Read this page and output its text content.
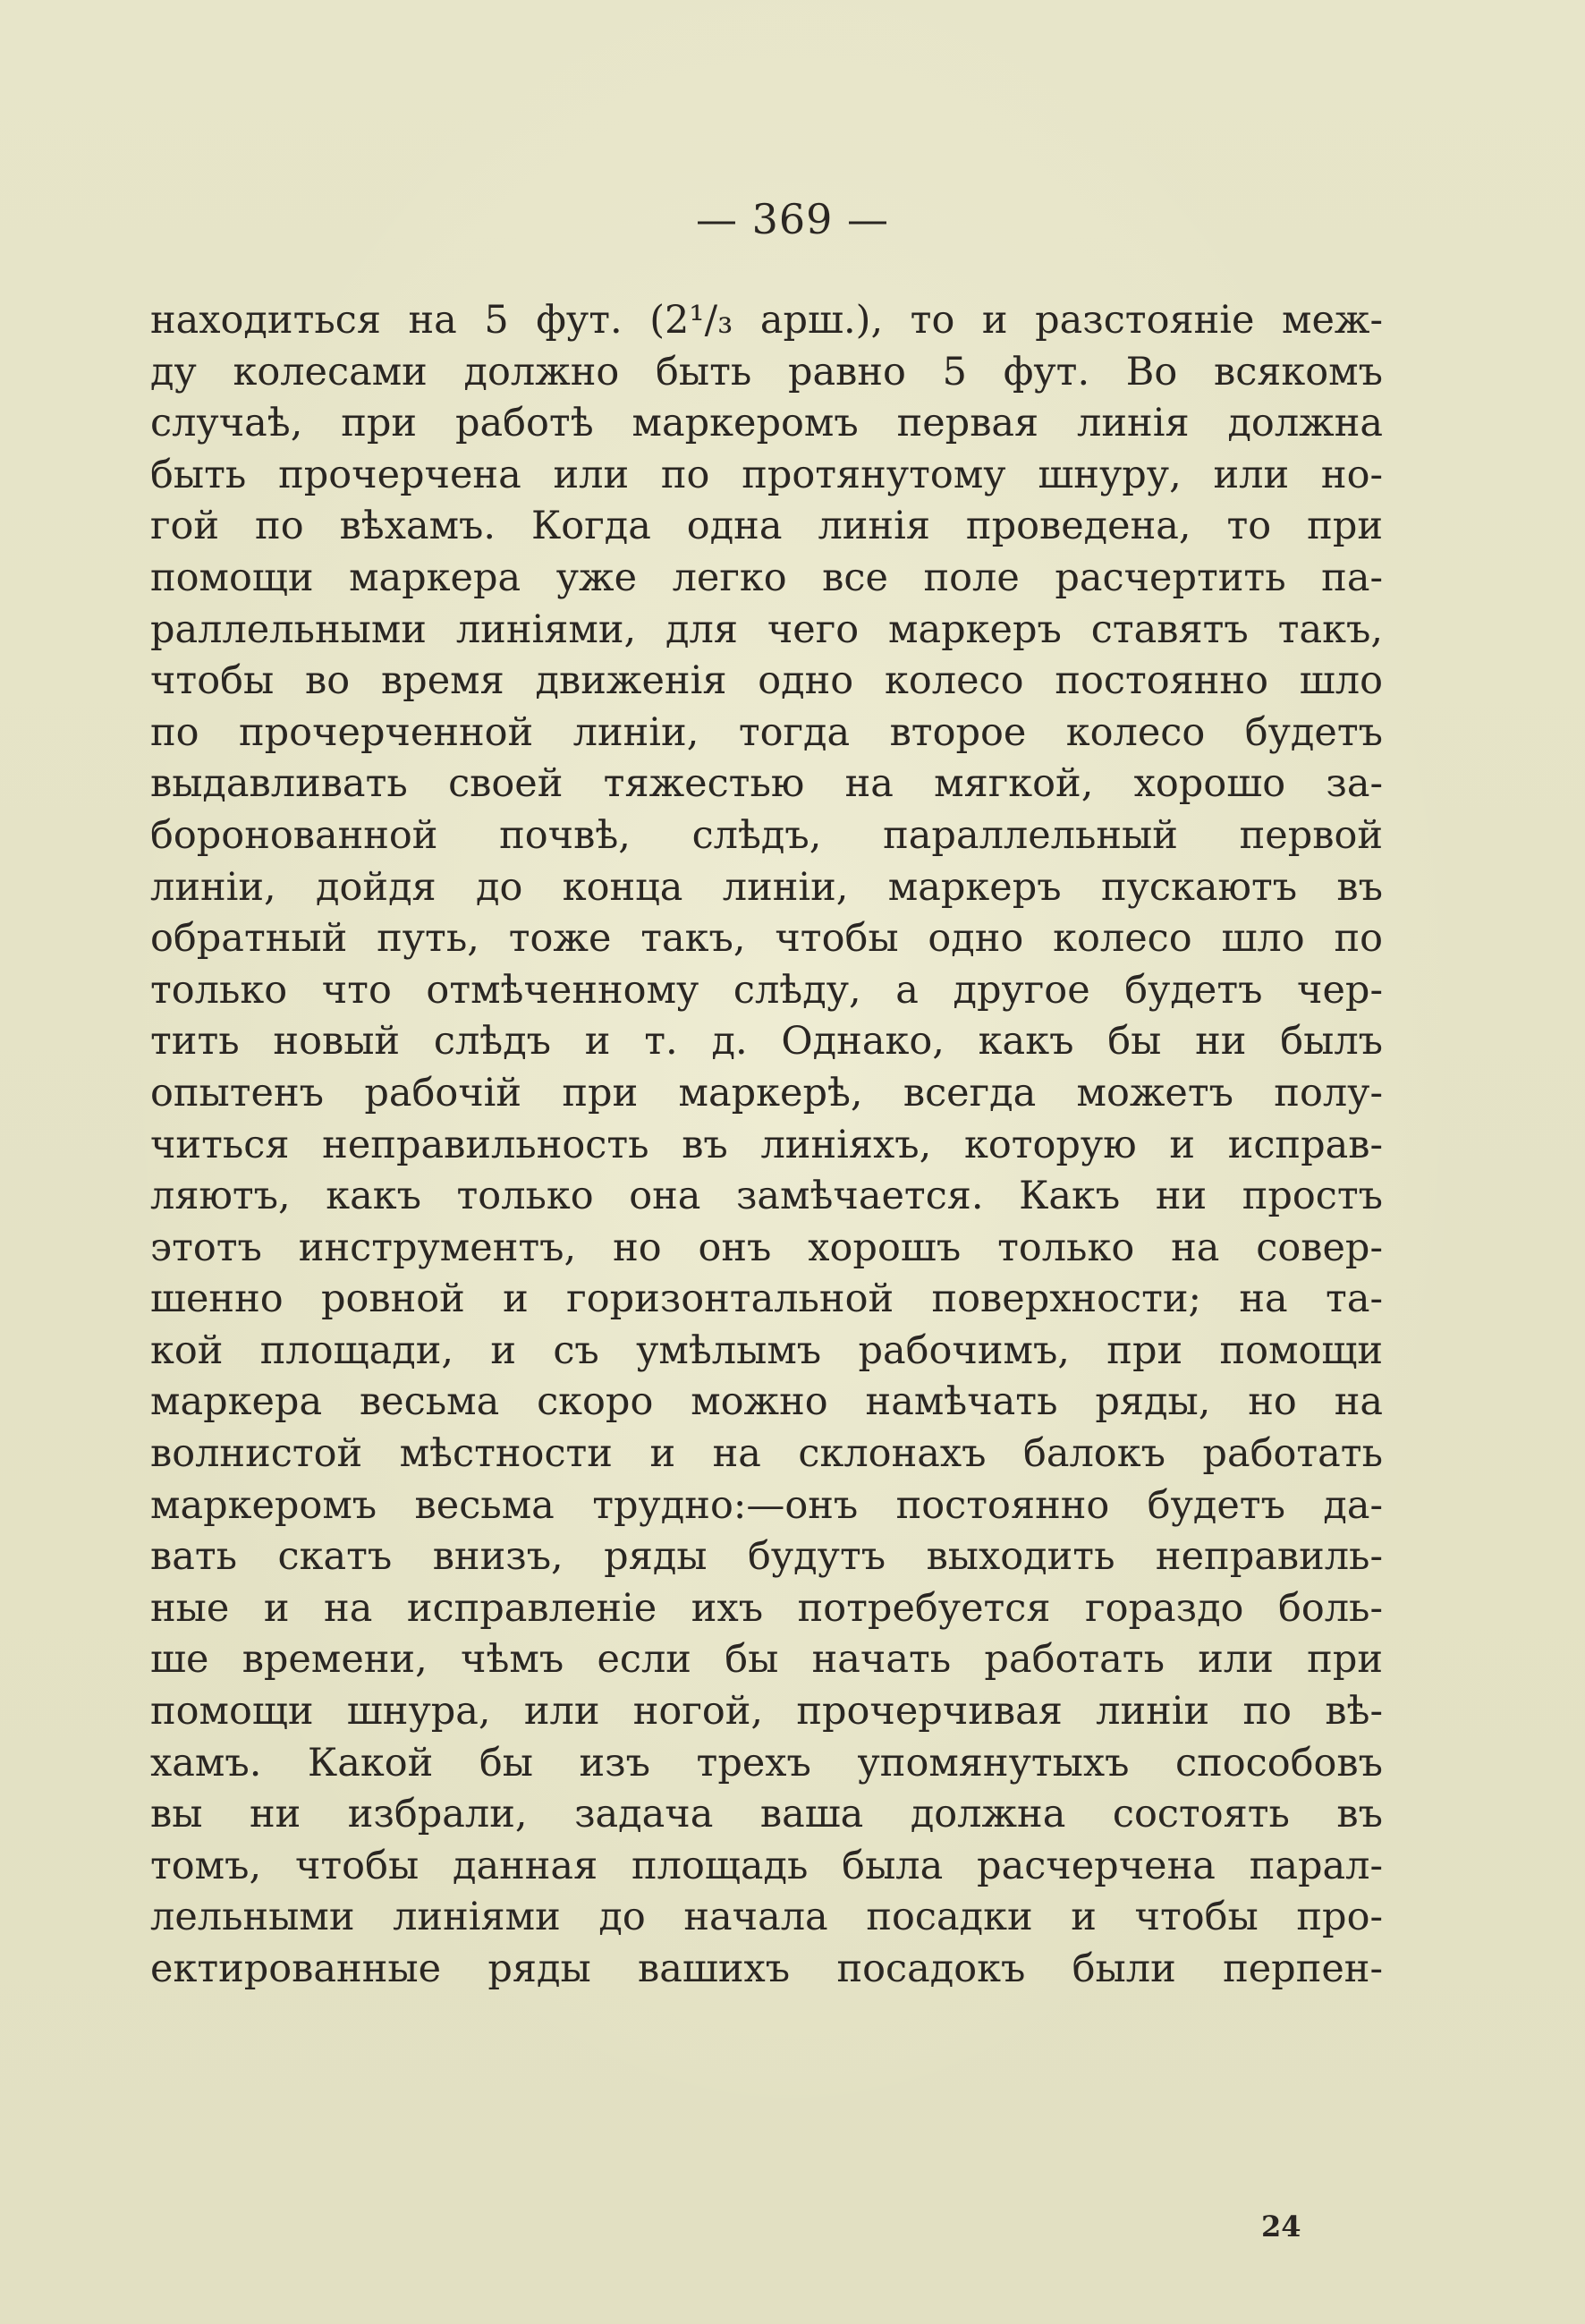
— 369 —
находиться на 5 фут. (2¹/₃ арш.), то и разстояніе меж-
ду колесами должно быть равно 5 фут. Во всякомъ
случаѣ, при работѣ маркеромъ первая линія должна
быть прочерчена или по протянутому шнуру, или но-
гой по вѣхамъ. Когда одна линія проведена, то при
помощи маркера уже легко все поле расчертить па-
раллельными линіями, для чего маркеръ ставятъ такъ,
чтобы во время движенія одно колесо постоянно шло
по прочерченной линіи, тогда второе колесо будетъ
выдавливать своей тяжестью на мягкой, хорошо за-
боронованной почвѣ, слѣдъ, параллельный первой
линіи, дойдя до конца линіи, маркеръ пускаютъ въ
обратный путь, тоже такъ, чтобы одно колесо шло по
только что отмѣченному слѣду, а другое будетъ чер-
тить новый слѣдъ и т. д. Однако, какъ бы ни былъ
опытенъ рабочій при маркерѣ, всегда можетъ полу-
читься неправильность въ линіяхъ, которую и исправ-
ляютъ, какъ только она замѣчается. Какъ ни простъ
этотъ инструментъ, но онъ хорошъ только на совер-
шенно ровной и горизонтальной поверхности; на та-
кой площади, и съ умѣлымъ рабочимъ, при помощи
маркера весьма скоро можно намѣчать ряды, но на
волнистой мѣстности и на склонахъ балокъ работать
маркеромъ весьма трудно:—онъ постоянно будетъ да-
вать скатъ внизъ, ряды будутъ выходить неправиль-
ные и на исправленіе ихъ потребуется гораздо боль-
ше времени, чѣмъ если бы начать работать или при
помощи шнура, или ногой, прочерчивая линіи по вѣ-
хамъ. Какой бы изъ трехъ упомянутыхъ способовъ
вы ни избрали, задача ваша должна состоять въ
томъ, чтобы данная площадь была расчерчена парал-
лельными линіями до начала посадки и чтобы про-
ектированные ряды вашихъ посадокъ были перпен-
24
